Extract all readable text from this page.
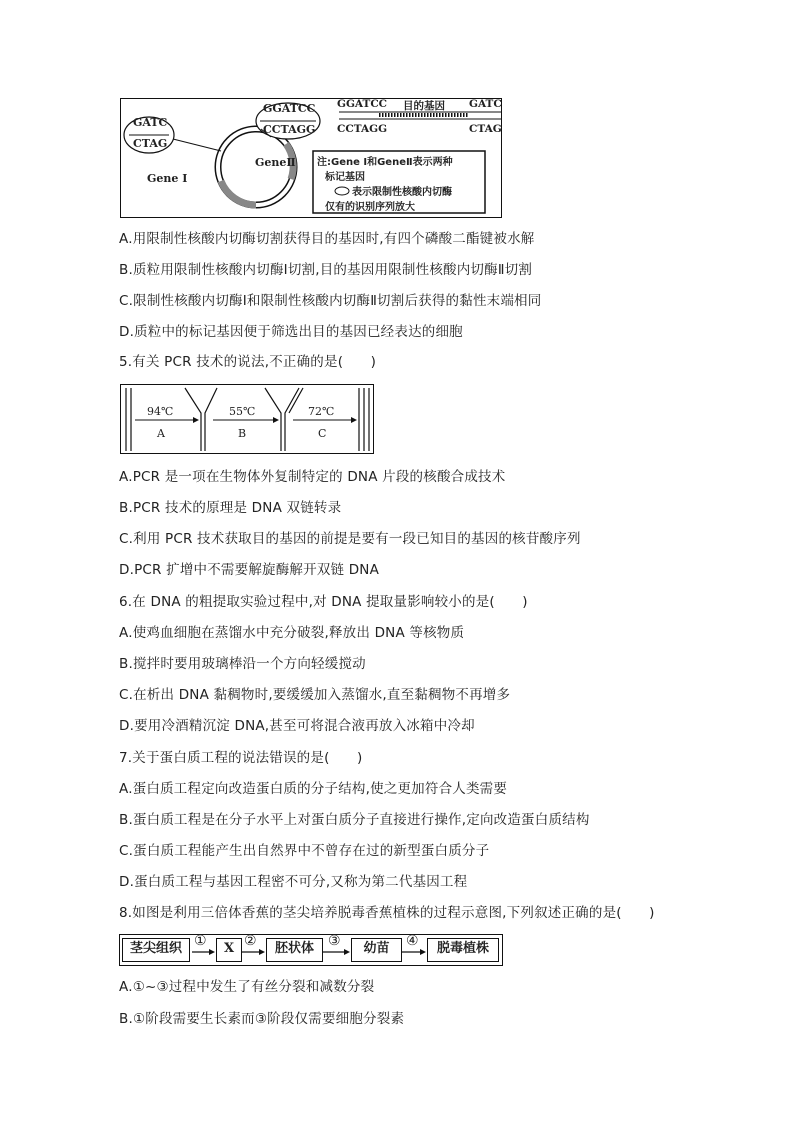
GATC
CTAG
GGATCC
CCTAGG
Gene Ⅰ
GeneⅡ
GGATCC 目的基因 GATC
CCTAGG	CTAG
注:Gene Ⅰ和GeneⅡ表示两种
标记基因
表示限制性核酸内切酶
仅有的识别序列放大
A.用限制性核酸内切酶切割获得目的基因时,有四个磷酸二酯键被水解
B.质粒用限制性核酸内切酶Ⅰ切割,目的基因用限制性核酸内切酶Ⅱ切割
C.限制性核酸内切酶Ⅰ和限制性核酸内切酶Ⅱ切割后获得的黏性末端相同
D.质粒中的标记基因便于筛选出目的基因已经表达的细胞
5.有关 PCR 技术的说法,不正确的是(　　)
94℃
A
55℃
B
72℃
C
A.PCR 是一项在生物体外复制特定的 DNA 片段的核酸合成技术
B.PCR 技术的原理是 DNA 双链转录
C.利用 PCR 技术获取目的基因的前提是要有一段已知目的基因的核苷酸序列
D.PCR 扩增中不需要解旋酶解开双链 DNA
6.在 DNA 的粗提取实验过程中,对 DNA 提取量影响较小的是(　　)
A.使鸡血细胞在蒸馏水中充分破裂,释放出 DNA 等核物质
B.搅拌时要用玻璃棒沿一个方向轻缓搅动
C.在析出 DNA 黏稠物时,要缓缓加入蒸馏水,直至黏稠物不再增多
D.要用冷酒精沉淀 DNA,甚至可将混合液再放入冰箱中冷却
7.关于蛋白质工程的说法错误的是(　　)
A.蛋白质工程定向改造蛋白质的分子结构,使之更加符合人类需要
B.蛋白质工程是在分子水平上对蛋白质分子直接进行操作,定向改造蛋白质结构
C.蛋白质工程能产生出自然界中不曾存在过的新型蛋白质分子
D.蛋白质工程与基因工程密不可分,又称为第二代基因工程
8.如图是利用三倍体香蕉的茎尖培养脱毒香蕉植株的过程示意图,下列叙述正确的是(　　)
茎尖组织 ①	X ②	胚状体	③	幼苗	④	脱毒植株
A.①~③过程中发生了有丝分裂和减数分裂
B.①阶段需要生长素而③阶段仅需要细胞分裂素
